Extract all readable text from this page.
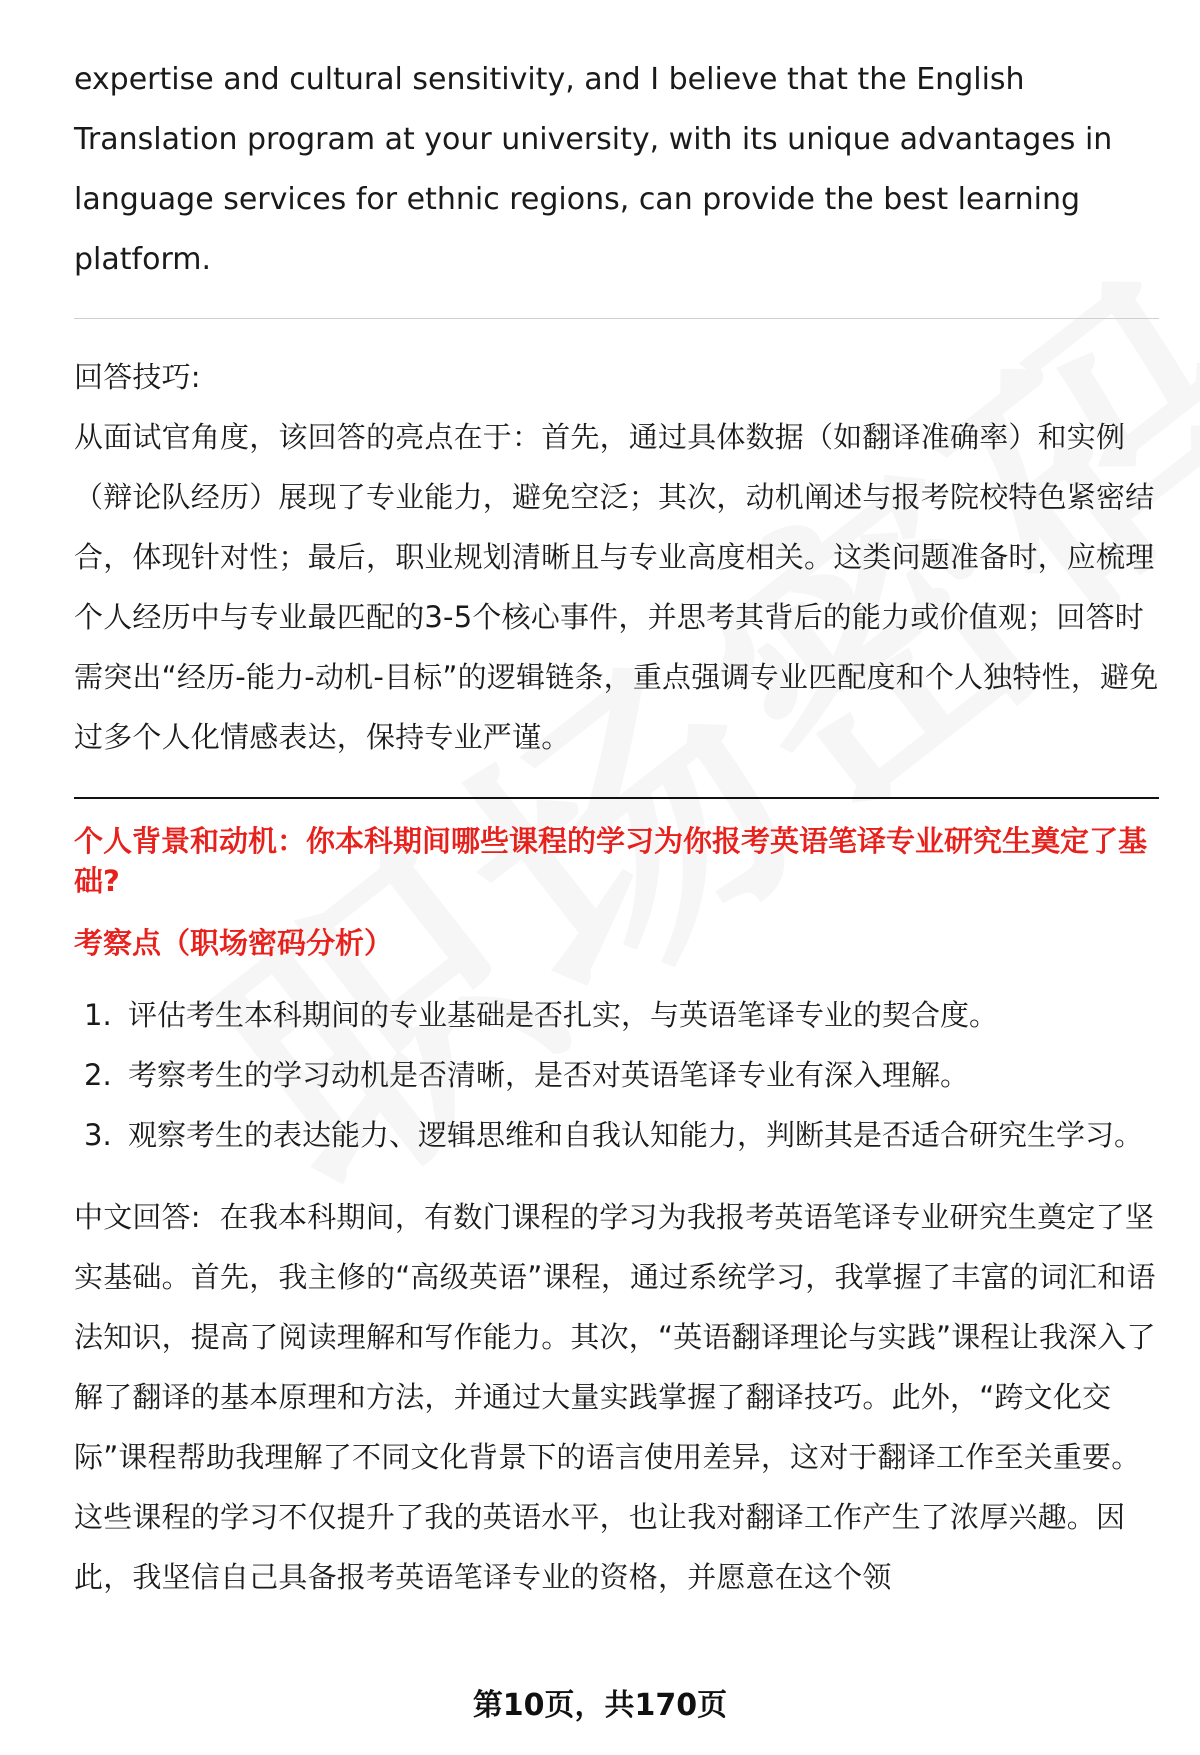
expertise and cultural sensitivity, and I believe that the English Translation program at your university, with its unique advantages in language services for ethnic regions, can provide the best learning platform.

回答技巧:

从面试官角度，该回答的亮点在于：首先，通过具体数据（如翻译准确率）和实例（辩论队经历）展现了专业能力，避免空泛；其次，动机阐述与报考院校特色紧密结合，体现针对性；最后，职业规划清晰且与专业高度相关。这类问题准备时，应梳理个人经历中与专业最匹配的3-5个核心事件，并思考其背后的能力或价值观；回答时需突出“经历-能力-动机-目标”的逻辑链条，重点强调专业匹配度和个人独特性，避免过多个人化情感表达，保持专业严谨。

个人背景和动机：你本科期间哪些课程的学习为你报考英语笔译专业研究生奠定了基础?

考察点（职场密码分析）

1. 评估考生本科期间的专业基础是否扎实，与英语笔译专业的契合度。
2. 考察考生的学习动机是否清晰，是否对英语笔译专业有深入理解。
3. 观察考生的表达能力、逻辑思维和自我认知能力，判断其是否适合研究生学习。

中文回答: 在我本科期间，有数门课程的学习为我报考英语笔译专业研究生奠定了坚实基础。首先，我主修的“高级英语”课程，通过系统学习，我掌握了丰富的词汇和语法知识，提高了阅读理解和写作能力。其次，“英语翻译理论与实践”课程让我深入了解了翻译的基本原理和方法，并通过大量实践掌握了翻译技巧。此外，“跨文化交际”课程帮助我理解了不同文化背景下的语言使用差异，这对于翻译工作至关重要。这些课程的学习不仅提升了我的英语水平，也让我对翻译工作产生了浓厚兴趣。因此，我坚信自己具备报考英语笔译专业的资格，并愿意在这个领

第10页，共170页
